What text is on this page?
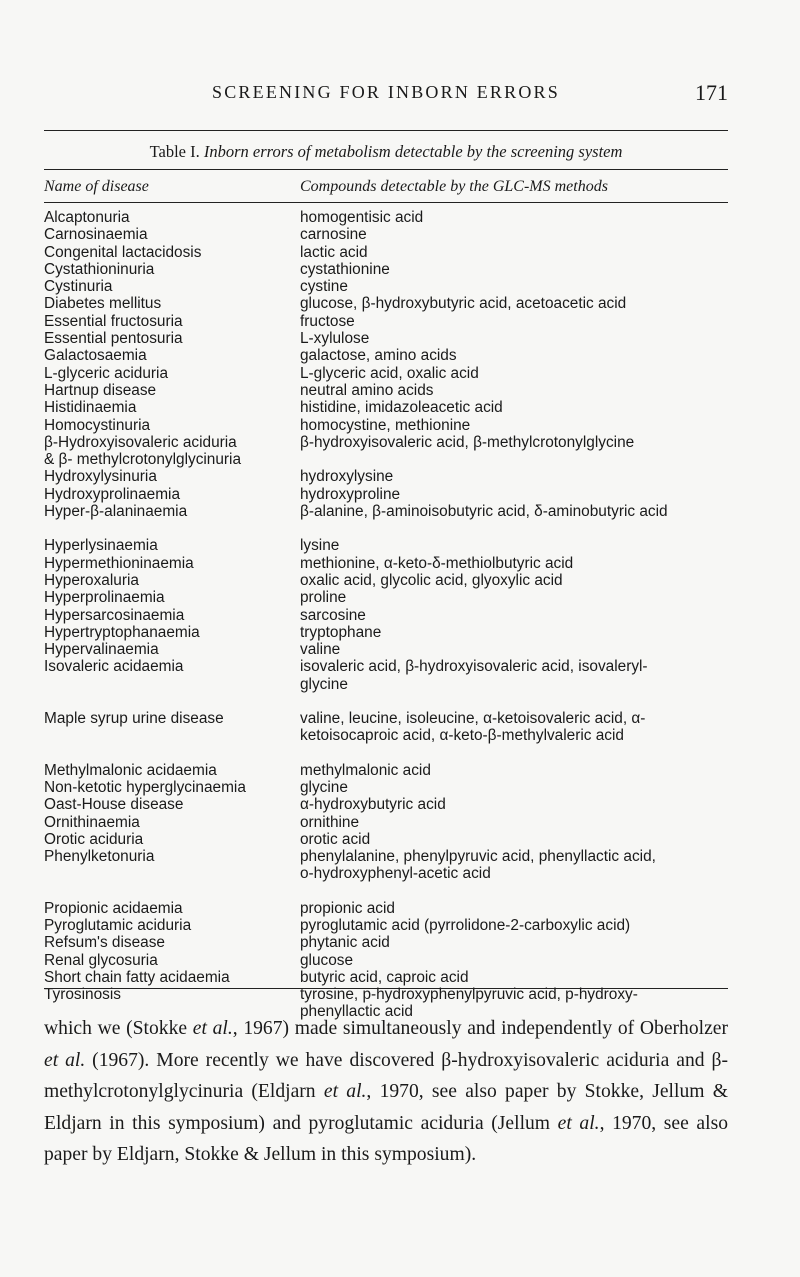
SCREENING FOR INBORN ERRORS	171
Table I. Inborn errors of metabolism detectable by the screening system
Name of disease	Compounds detectable by the GLC-MS methods
Alcaptonuria	homogentisic acid
Carnosinaemia	carnosine
Congenital lactacidosis	lactic acid
Cystathioninuria	cystathionine
Cystinuria	cystine
Diabetes mellitus	glucose, β-hydroxybutyric acid, acetoacetic acid
Essential fructosuria	fructose
Essential pentosuria	L-xylulose
Galactosaemia	galactose, amino acids
L-glyceric aciduria	L-glyceric acid, oxalic acid
Hartnup disease	neutral amino acids
Histidinaemia	histidine, imidazoleacetic acid
Homocystinuria	homocystine, methionine
β-Hydroxyisovaleric aciduria	β-hydroxyisovaleric acid, β-methylcrotonylglycine
& β- methylcrotonylglycinuria
Hydroxylysinuria	hydroxylysine
Hydroxyprolinaemia	hydroxyproline
Hyper-β-alaninaemia	β-alanine, β-aminoisobutyric acid, δ-aminobutyric acid
Hyperlysinaemia	lysine
Hypermethioninaemia	methionine, α-keto-δ-methiolbutyric acid
Hyperoxaluria	oxalic acid, glycolic acid, glyoxylic acid
Hyperprolinaemia	proline
Hypersarcosinaemia	sarcosine
Hypertryptophanaemia	tryptophane
Hypervalinaemia	valine
Isovaleric acidaemia	isovaleric acid, β-hydroxyisovaleric acid, isovaleryl-
glycine
Maple syrup urine disease	valine, leucine, isoleucine, α-ketoisovaleric acid, α-
ketoisocaproic acid, α-keto-β-methylvaleric acid
Methylmalonic acidaemia	methylmalonic acid
Non-ketotic hyperglycinaemia	glycine
Oast-House disease	α-hydroxybutyric acid
Ornithinaemia	ornithine
Orotic aciduria	orotic acid
Phenylketonuria	phenylalanine, phenylpyruvic acid, phenyllactic acid,
o-hydroxyphenyl-acetic acid
Propionic acidaemia	propionic acid
Pyroglutamic aciduria	pyroglutamic acid (pyrrolidone-2-carboxylic acid)
Refsum's disease	phytanic acid
Renal glycosuria	glucose
Short chain fatty acidaemia	butyric acid, caproic acid
Tyrosinosis	tyrosine, p-hydroxyphenylpyruvic acid, p-hydroxy-
phenyllactic acid
which we (Stokke et al., 1967) made simultaneously and independently of Oberholzer et al. (1967). More recently we have discovered β-hydroxyisovaleric aciduria and β-methylcrotonylglycinuria (Eldjarn et al., 1970, see also paper by Stokke, Jellum & Eldjarn in this symposium) and pyroglutamic aciduria (Jellum et al., 1970, see also paper by Eldjarn, Stokke & Jellum in this symposium).
